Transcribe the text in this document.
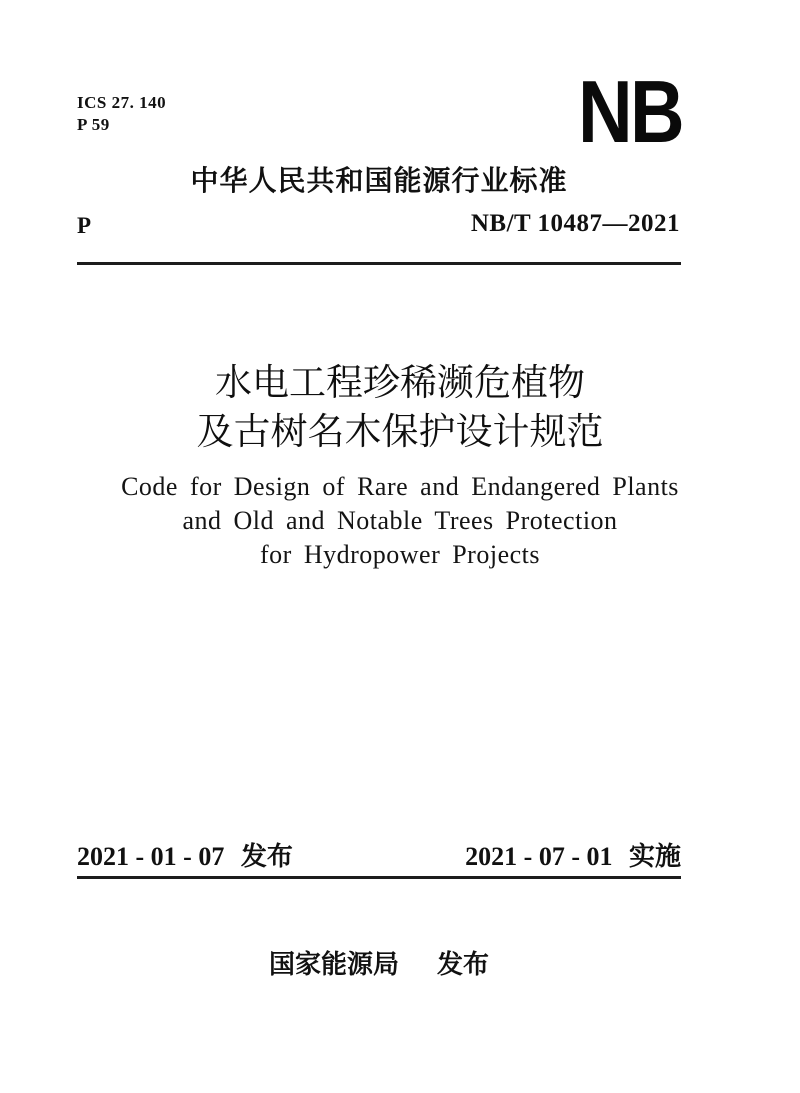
ICS 27. 140
P 59	NB
中华人民共和国能源行业标准
P	NB/T 10487—2021
水电工程珍稀濒危植物
及古树名木保护设计规范
Code for Design of Rare and Endangered Plants
and Old and Notable Trees Protection
for Hydropower Projects
2021 - 01 - 07 发布	2021 - 07 - 01 实施
国家能源局 发布
